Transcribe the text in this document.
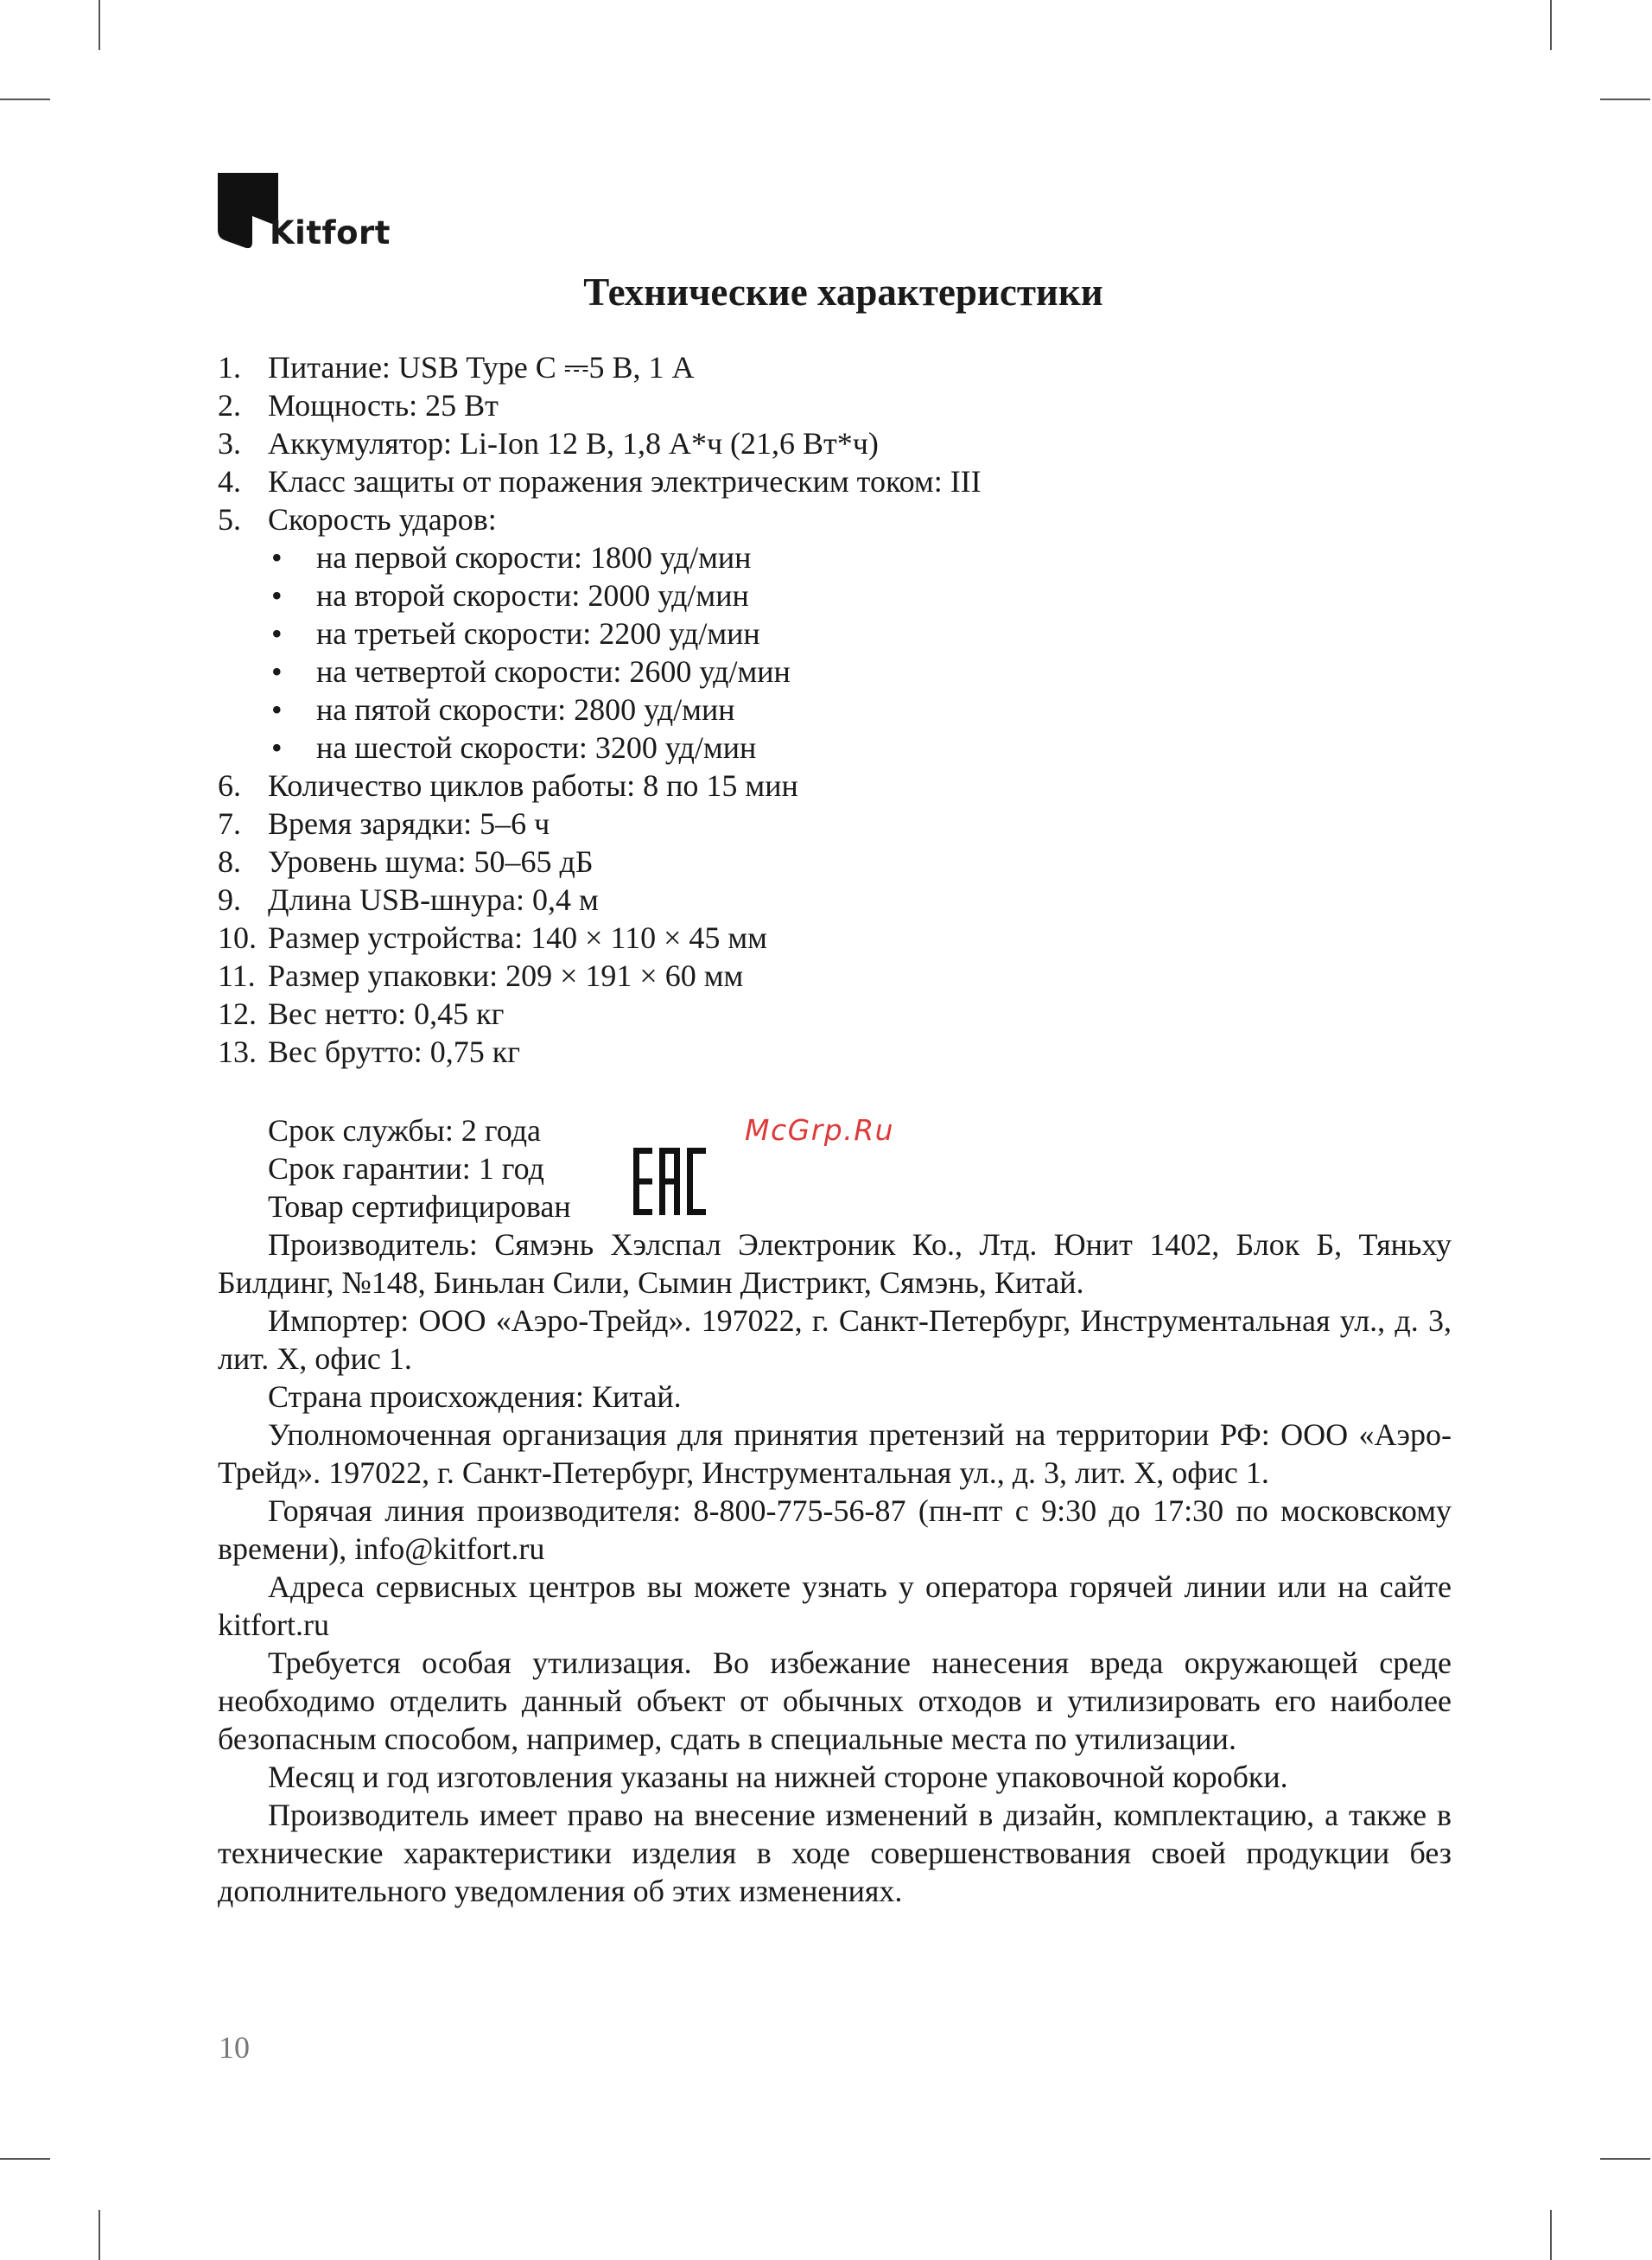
Kitfort
Технические характеристики
1. Питание: USB Type C ⎓5 В, 1 А
2. Мощность: 25 Вт
3. Аккумулятор: Li-Ion 12 В, 1,8 А*ч (21,6 Вт*ч)
4. Класс защиты от поражения электрическим током: III
5. Скорость ударов:
• на первой скорости: 1800 уд/мин
• на второй скорости: 2000 уд/мин
• на третьей скорости: 2200 уд/мин
• на четвертой скорости: 2600 уд/мин
• на пятой скорости: 2800 уд/мин
• на шестой скорости: 3200 уд/мин
6. Количество циклов работы: 8 по 15 мин
7. Время зарядки: 5–6 ч
8. Уровень шума: 50–65 дБ
9. Длина USB-шнура: 0,4 м
10. Размер устройства: 140 × 110 × 45 мм
11. Размер упаковки: 209 × 191 × 60 мм
12. Вес нетто: 0,45 кг
13. Вес брутто: 0,75 кг

Срок службы: 2 года

Срок гарантии: 1 год

Товар сертифицирован

Производитель: Сямэнь Хэлспал Электроник Ко., Лтд. Юнит 1402, Блок Б, Тяньху Билдинг, №148, Биньлан Сили, Сымин Дистрикт, Сямэнь, Китай.

Импортер: ООО «Аэро-Трейд». 197022, г. Санкт-Петербург, Инструментальная ул., д. 3, лит. Х, офис 1.

Страна происхождения: Китай.

Уполномоченная организация для принятия претензий на территории РФ: ООО «Аэро-Трейд». 197022, г. Санкт-Петербург, Инструментальная ул., д. 3, лит. Х, офис 1.

Горячая линия производителя: 8-800-775-56-87 (пн-пт с 9:30 до 17:30 по московскому времени), info@kitfort.ru

Адреса сервисных центров вы можете узнать у оператора горячей линии или на сайте kitfort.ru

Требуется особая утилизация. Во избежание нанесения вреда окружающей среде необходимо отделить данный объект от обычных отходов и утилизировать его наиболее безопасным способом, например, сдать в специальные места по утилизации.

Месяц и год изготовления указаны на нижней стороне упаковочной коробки.

Производитель имеет право на внесение изменений в дизайн, комплектацию, а также в технические характеристики изделия в ходе совершенствования своей продукции без дополнительного уведомления об этих изменениях.

McGrp.Ru
10
